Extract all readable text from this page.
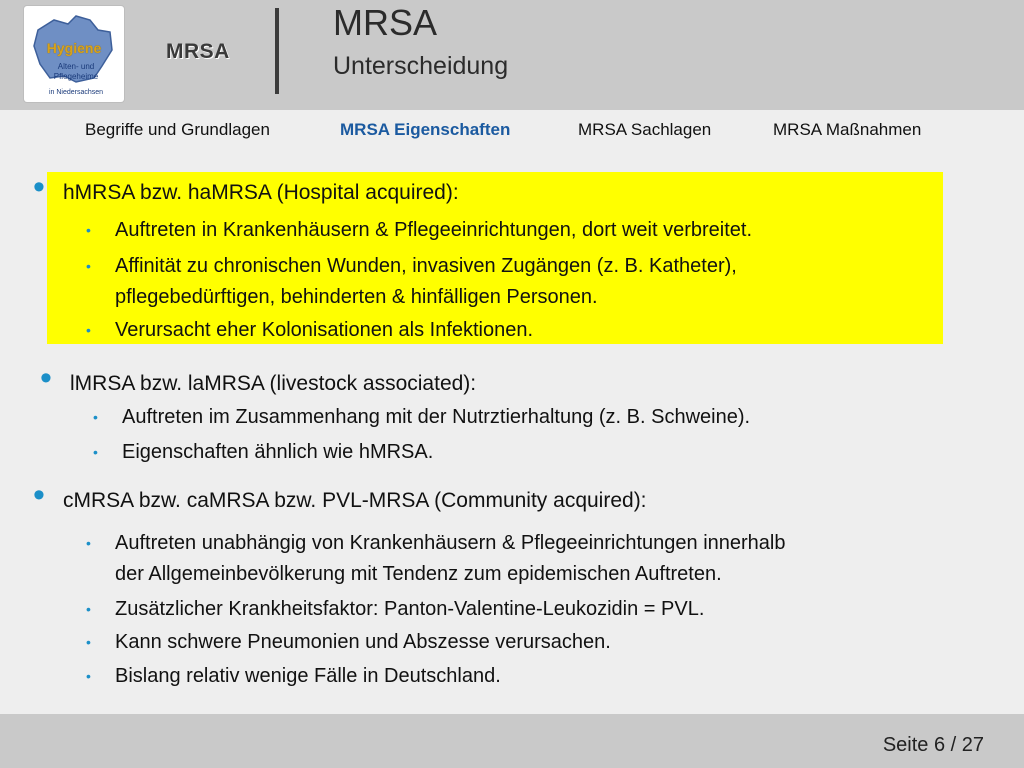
Hygiene
Alten- und
Pflegeheime
in Niedersachsen
MRSA
MRSA
Unterscheidung
Begriffe und Grundlagen	MRSA Eigenschaften	MRSA Sachlagen	MRSA Maßnahmen
• hMRSA bzw. haMRSA (Hospital acquired):
• Auftreten in Krankenhäusern & Pflegeeinrichtungen, dort weit verbreitet.
• Affinität zu chronischen Wunden, invasiven Zugängen (z. B. Katheter),
pflegebedürftigen, behinderten & hinfälligen Personen.
• Verursacht eher Kolonisationen als Infektionen.
• lMRSA bzw. laMRSA (livestock associated):
• Auftreten im Zusammenhang mit der Nutrztierhaltung (z. B. Schweine).
• Eigenschaften ähnlich wie hMRSA.
• cMRSA bzw. caMRSA bzw. PVL-MRSA (Community acquired):
• Auftreten unabhängig von Krankenhäusern & Pflegeeinrichtungen innerhalb
der Allgemeinbevölkerung mit Tendenz zum epidemischen Auftreten.
• Zusätzlicher Krankheitsfaktor: Panton-Valentine-Leukozidin = PVL.
• Kann schwere Pneumonien und Abszesse verursachen.
• Bislang relativ wenige Fälle in Deutschland.
Seite 6 / 27
